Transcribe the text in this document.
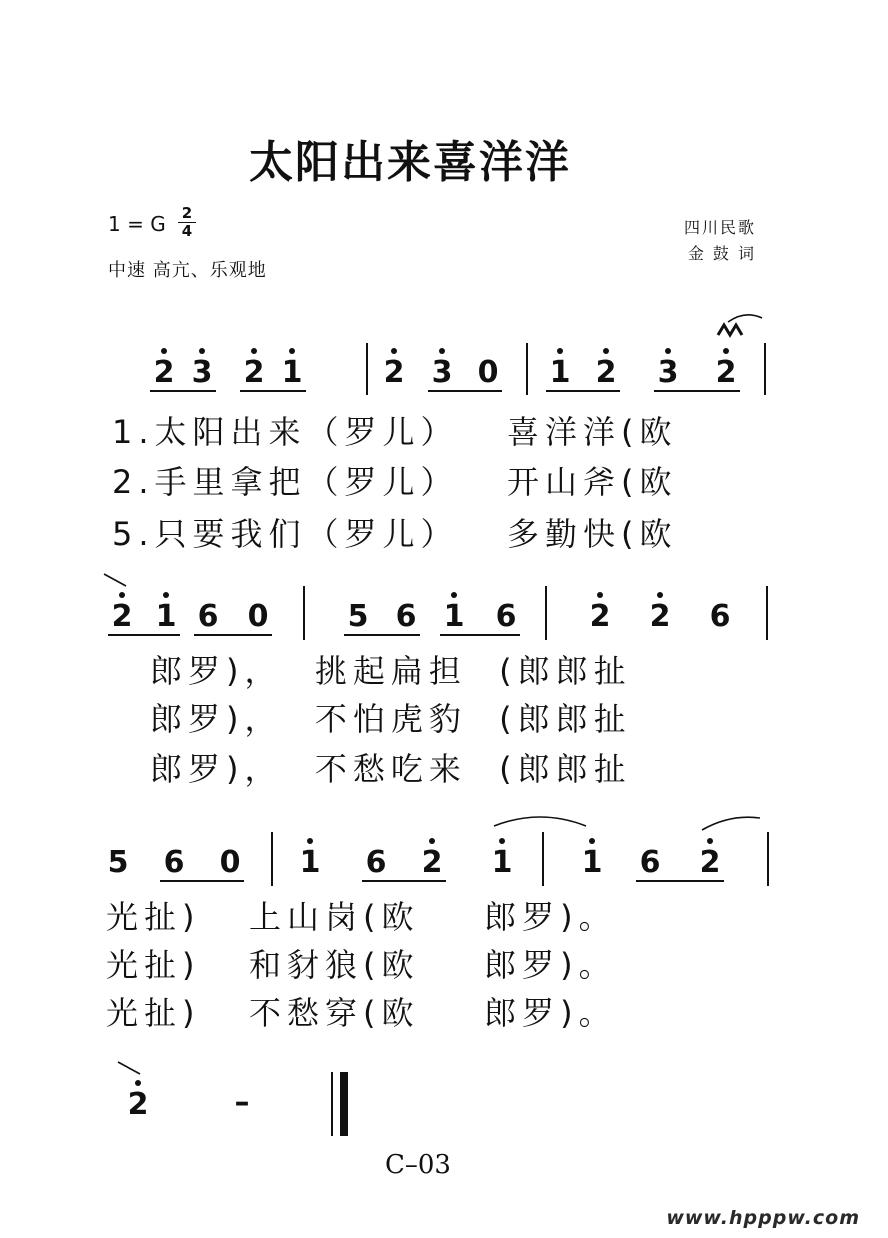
太阳出来喜洋洋
1 = G 2
4
中速 高亢、乐观地
四川民歌
金 鼓 词
2 3 2 1	2 3 0 1 2 3 2
1.太阳出来（罗儿）   喜洋洋(欧
2.手里拿把（罗儿）   开山斧(欧
5.只要我们（罗儿）   多勤快(欧
2 1 6 0	5 6 1 6 2 2 6
郎罗)，  挑起扁担  (郎郎扯
郎罗)，  不怕虎豹  (郎郎扯
郎罗)，  不愁吃来  (郎郎扯
5 6 0 1 6 2 1 1 6 2
光扯)   上山岗(欧    郎罗)。
光扯)   和豺狼(欧    郎罗)。
光扯)   不愁穿(欧    郎罗)。
2	–
C–03
www.hpppw.com
